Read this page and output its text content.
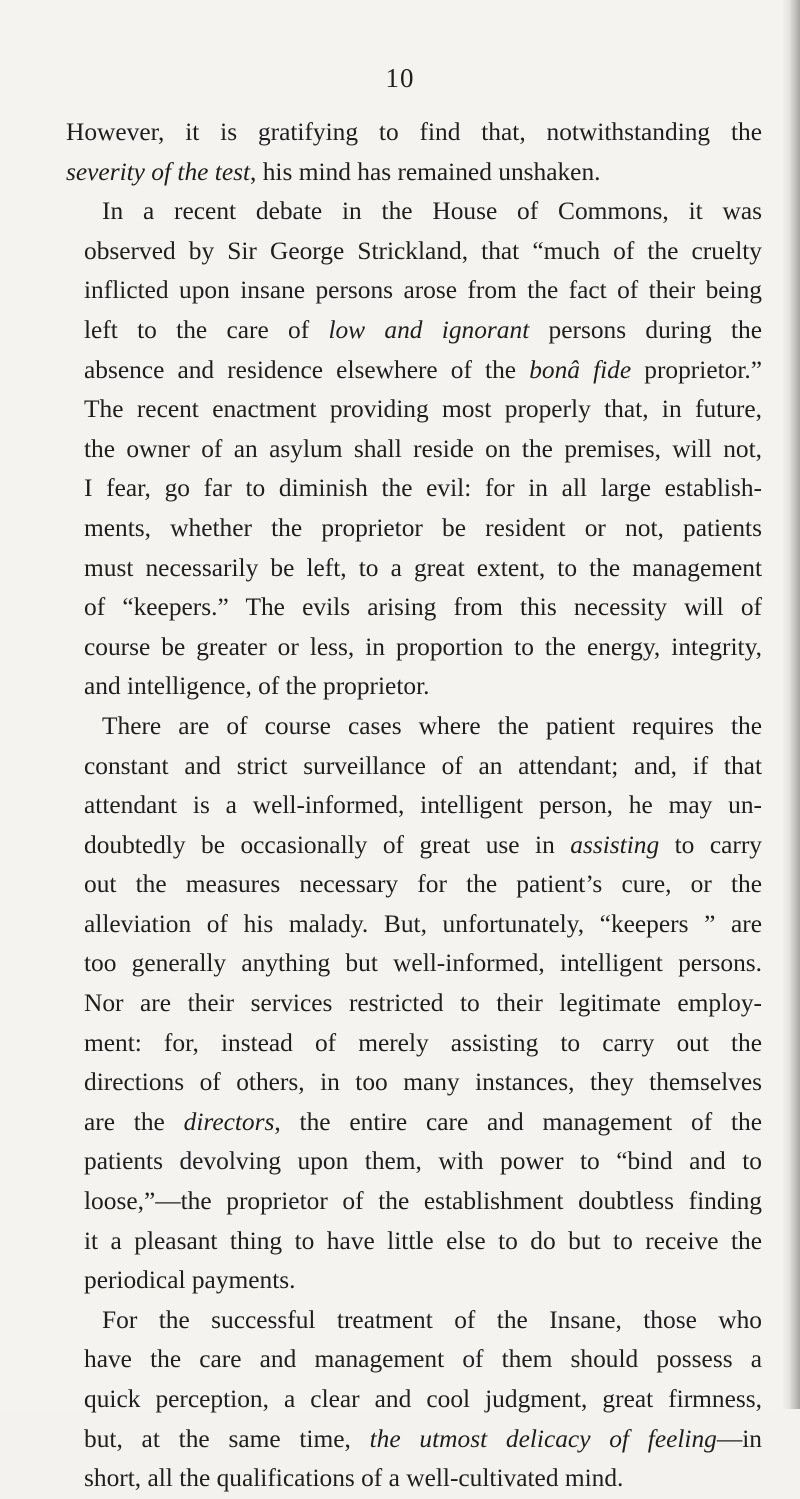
10
However, it is gratifying to find that, notwithstanding the
severity of the test, his mind has remained unshaken.
In a recent debate in the House of Commons, it was
observed by Sir George Strickland, that “much of the cruelty
inflicted upon insane persons arose from the fact of their being
left to the care of low and ignorant persons during the
absence and residence elsewhere of the bonâ fide proprietor.”
The recent enactment providing most properly that, in future,
the owner of an asylum shall reside on the premises, will not,
I fear, go far to diminish the evil: for in all large establish-
ments, whether the proprietor be resident or not, patients
must necessarily be left, to a great extent, to the management
of “keepers.” The evils arising from this necessity will of
course be greater or less, in proportion to the energy, integrity,
and intelligence, of the proprietor.
There are of course cases where the patient requires the
constant and strict surveillance of an attendant; and, if that
attendant is a well-informed, intelligent person, he may un-
doubtedly be occasionally of great use in assisting to carry
out the measures necessary for the patient’s cure, or the
alleviation of his malady. But, unfortunately, “keepers ” are
too generally anything but well-informed, intelligent persons.
Nor are their services restricted to their legitimate employ-
ment: for, instead of merely assisting to carry out the
directions of others, in too many instances, they themselves
are the directors, the entire care and management of the
patients devolving upon them, with power to “bind and to
loose,”—the proprietor of the establishment doubtless finding
it a pleasant thing to have little else to do but to receive the
periodical payments.
For the successful treatment of the Insane, those who
have the care and management of them should possess a
quick perception, a clear and cool judgment, great firmness,
but, at the same time, the utmost delicacy of feeling—in
short, all the qualifications of a well-cultivated mind.
